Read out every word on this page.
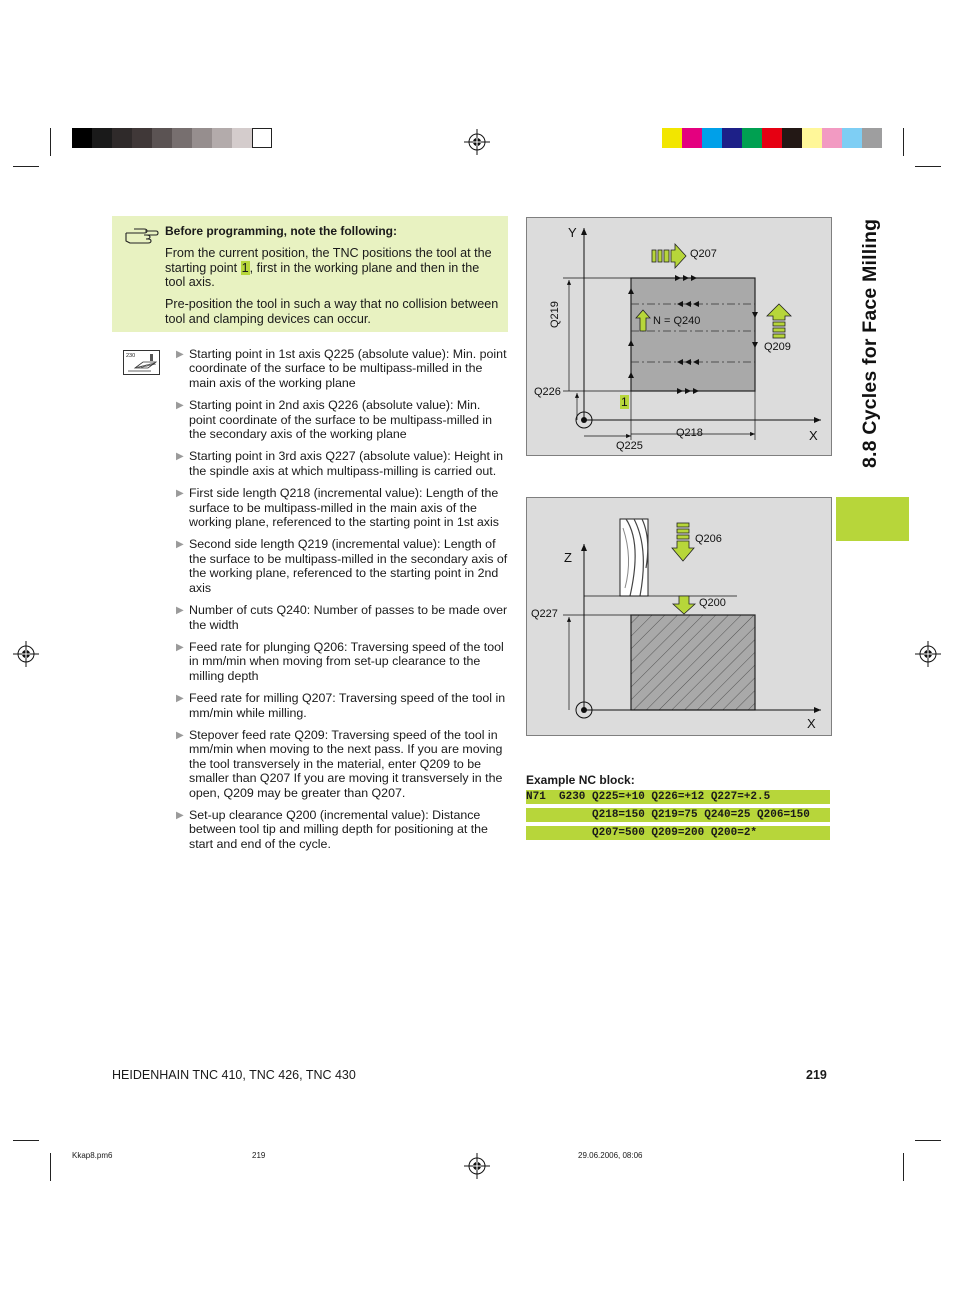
Before programming, note the following:

From the current position, the TNC positions the tool at the starting point 1, first in the working plane and then in the tool axis.

Pre-position the tool in such a way that no collision between tool and clamping devices can occur.

230	▶ Starting point in 1st axis Q225 (absolute value): Min. point coordinate of the surface to be multipass-milled in the main axis of the working plane
▶ Starting point in 2nd axis Q226 (absolute value): Min. point coordinate of the surface to be multipass-milled in the secondary axis of the working plane
▶ Starting point in 3rd axis Q227 (absolute value): Height in the spindle axis at which multipass-milling is carried out.
▶ First side length Q218 (incremental value): Length of the surface to be multipass-milled in the main axis of the working plane, referenced to the starting point in 1st axis
▶ Second side length Q219 (incremental value): Length of the surface to be multipass-milled in the secondary axis of the working plane, referenced to the starting point in 2nd axis
▶ Number of cuts Q240: Number of passes to be made over the width
▶ Feed rate for plunging Q206: Traversing speed of the tool in mm/min when moving from set-up clearance to the milling depth
▶ Feed rate for milling Q207: Traversing speed of the tool in mm/min while milling.
▶ Stepover feed rate Q209: Traversing speed of the tool in mm/min when moving to the next pass. If you are moving the tool transversely in the material, enter Q209 to be smaller than Q207 If you are moving it transversely in the open, Q209 may be greater than Q207.
▶ Set-up clearance Q200 (incremental value): Distance between tool tip and milling depth for positioning at the start and end of the cycle.
Y
X
Q207
N = Q240
Q209
Q219
Q226
Q225
Q218
1
Z
X
Q206
Q200
Q227
Example NC block:
N71  G230 Q225=+10 Q226=+12 Q227=+2.5
Q218=150 Q219=75 Q240=25 Q206=150
Q207=500 Q209=200 Q200=2*
8.8 Cycles for Face Milling
HEIDENHAIN TNC 410, TNC 426, TNC 430	219
Kkap8.pm6	219	29.06.2006, 08:06
